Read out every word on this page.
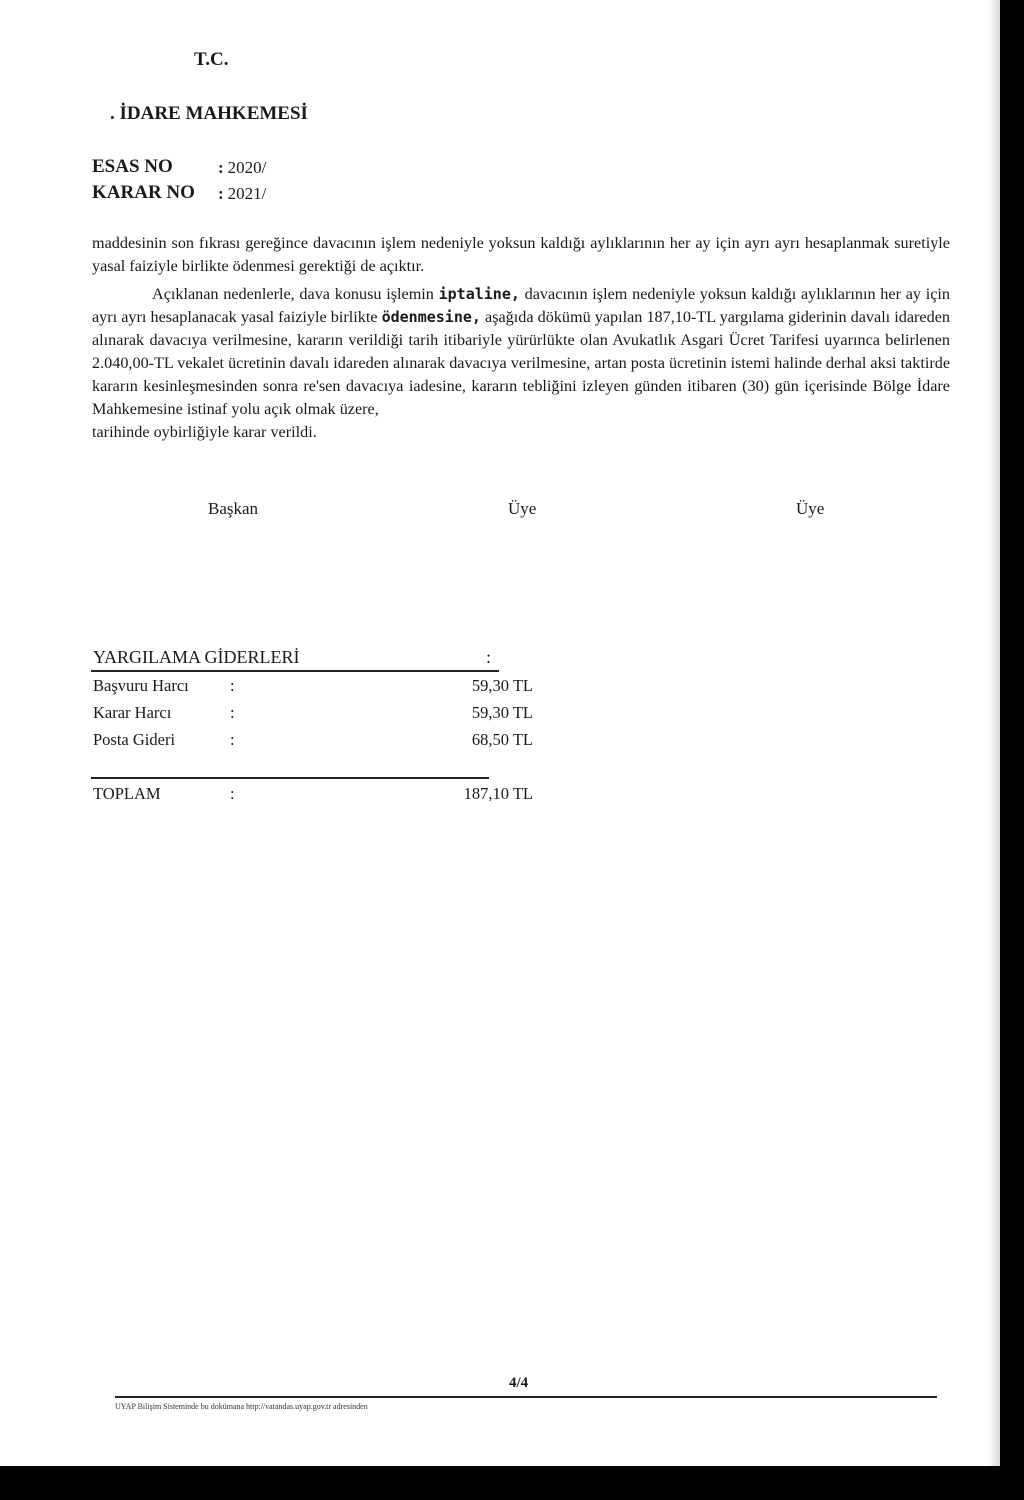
T.C.
. İDARE MAHKEMESİ
ESAS NO	: 2020/
KARAR NO : 2021/
maddesinin son fıkrası gereğince davacının işlem nedeniyle yoksun kaldığı aylıklarının her ay için ayrı ayrı hesaplanmak suretiyle yasal faiziyle birlikte ödenmesi gerektiği de açıktır.
Açıklanan nedenlerle, dava konusu işlemin iptaline, davacının işlem nedeniyle yoksun kaldığı aylıklarının her ay için ayrı ayrı hesaplanacak yasal faiziyle birlikte ödenmesine, aşağıda dökümü yapılan 187,10-TL yargılama giderinin davalı idareden alınarak davacıya verilmesine, kararın verildiği tarih itibariyle yürürlükte olan Avukatlık Asgari Ücret Tarifesi uyarınca belirlenen 2.040,00-TL vekalet ücretinin davalı idareden alınarak davacıya verilmesine, artan posta ücretinin istemi halinde derhal aksi taktirde kararın kesinleşmesinden sonra re'sen davacıya iadesine, kararın tebliğini izleyen günden itibaren (30) gün içerisinde Bölge İdare Mahkemesine istinaf yolu açık olmak üzere,
tarihinde oybirliğiyle karar verildi.
Başkan	Üye	Üye
YARGILAMA GİDERLERİ	:
Başvuru Harcı :	59,30 TL
Karar Harcı	:	59,30 TL
Posta Gideri	:	68,50 TL
TOPLAM	:	187,10 TL
4/4
UYAP Bilişim Sisteminde bu dokümana http://vatandas.uyap.gov.tr adresinden
